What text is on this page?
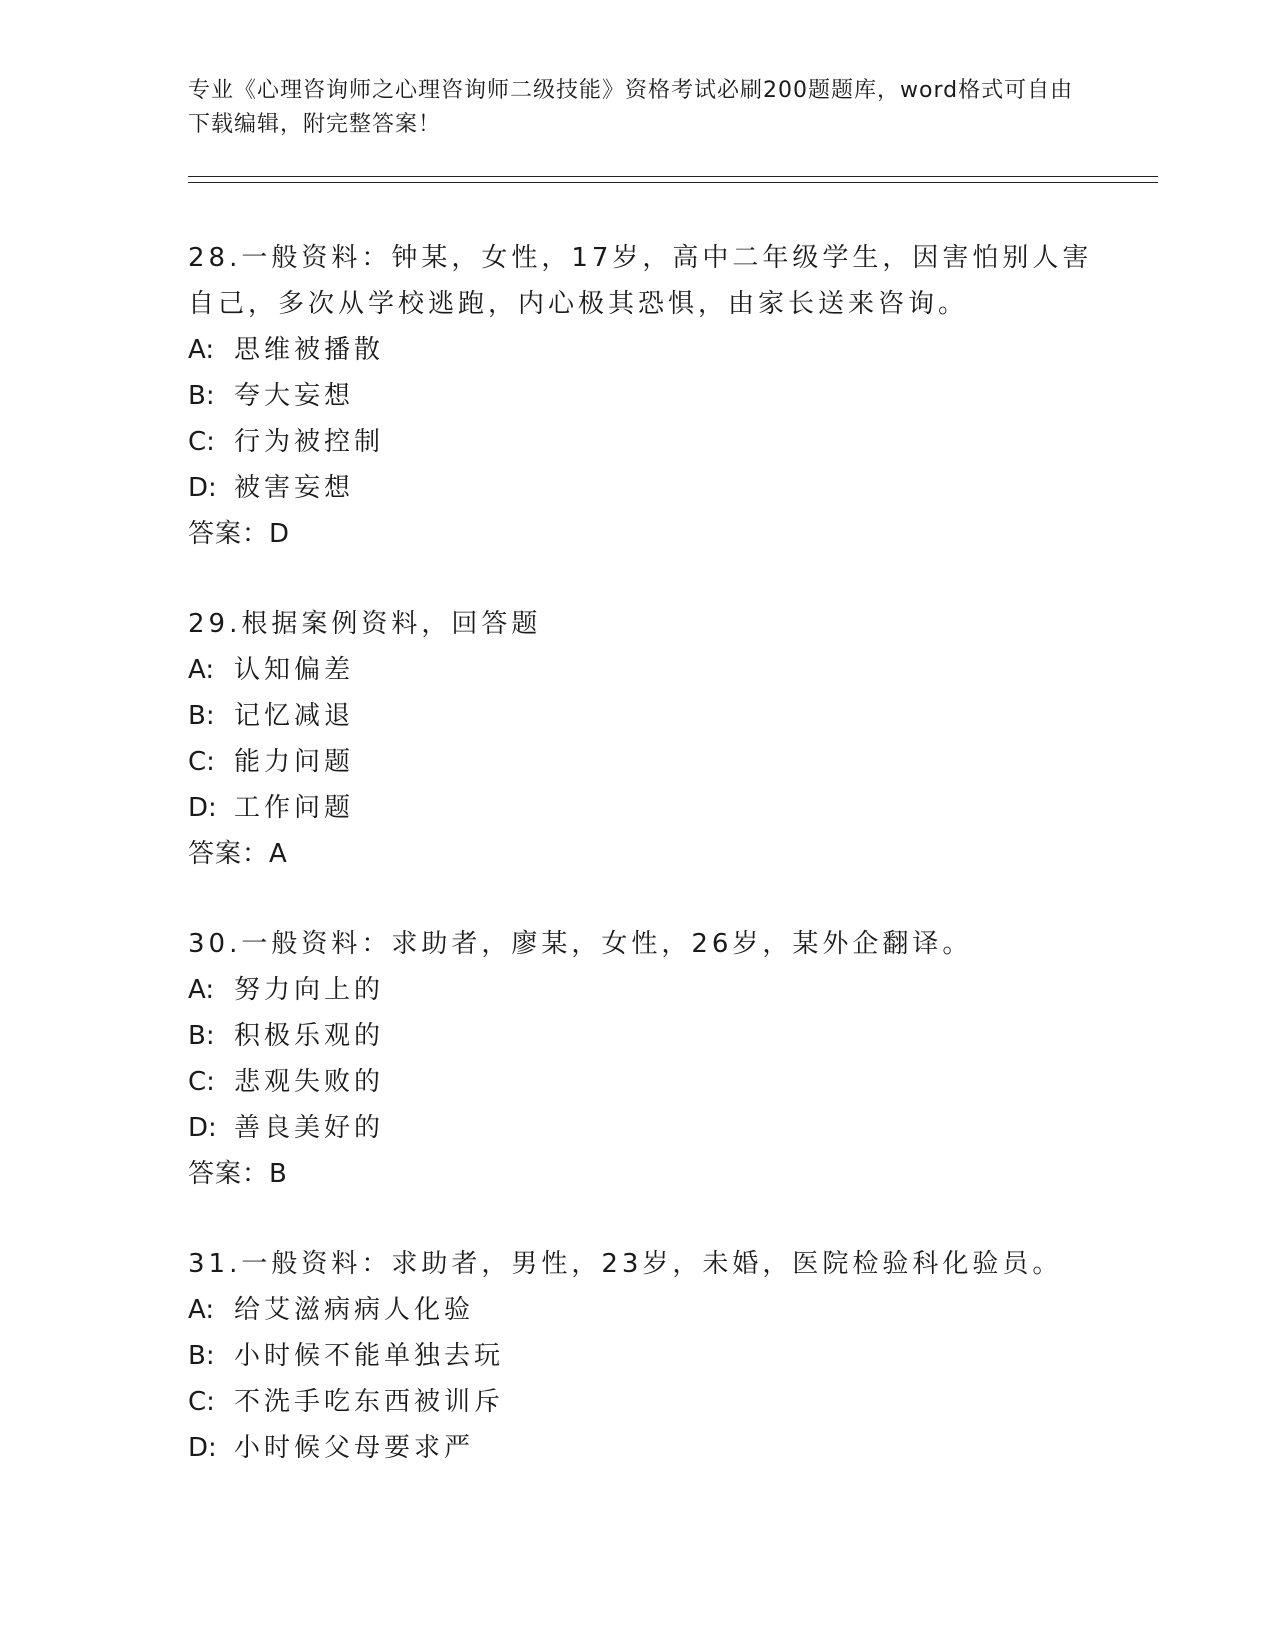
专业《心理咨询师之心理咨询师二级技能》资格考试必刷200题题库，word格式可自由下载编辑，附完整答案！
28.一般资料：钟某，女性，17岁，高中二年级学生，因害怕别人害自己，多次从学校逃跑，内心极其恐惧，由家长送来咨询。
A: 思维被播散
B: 夸大妄想
C: 行为被控制
D: 被害妄想
答案：D
29.根据案例资料，回答题
A: 认知偏差
B: 记忆减退
C: 能力问题
D: 工作问题
答案：A
30.一般资料：求助者，廖某，女性，26岁，某外企翻译。
A: 努力向上的
B: 积极乐观的
C: 悲观失败的
D: 善良美好的
答案：B
31.一般资料：求助者，男性，23岁，未婚，医院检验科化验员。
A: 给艾滋病病人化验
B: 小时候不能单独去玩
C: 不洗手吃东西被训斥
D: 小时候父母要求严
